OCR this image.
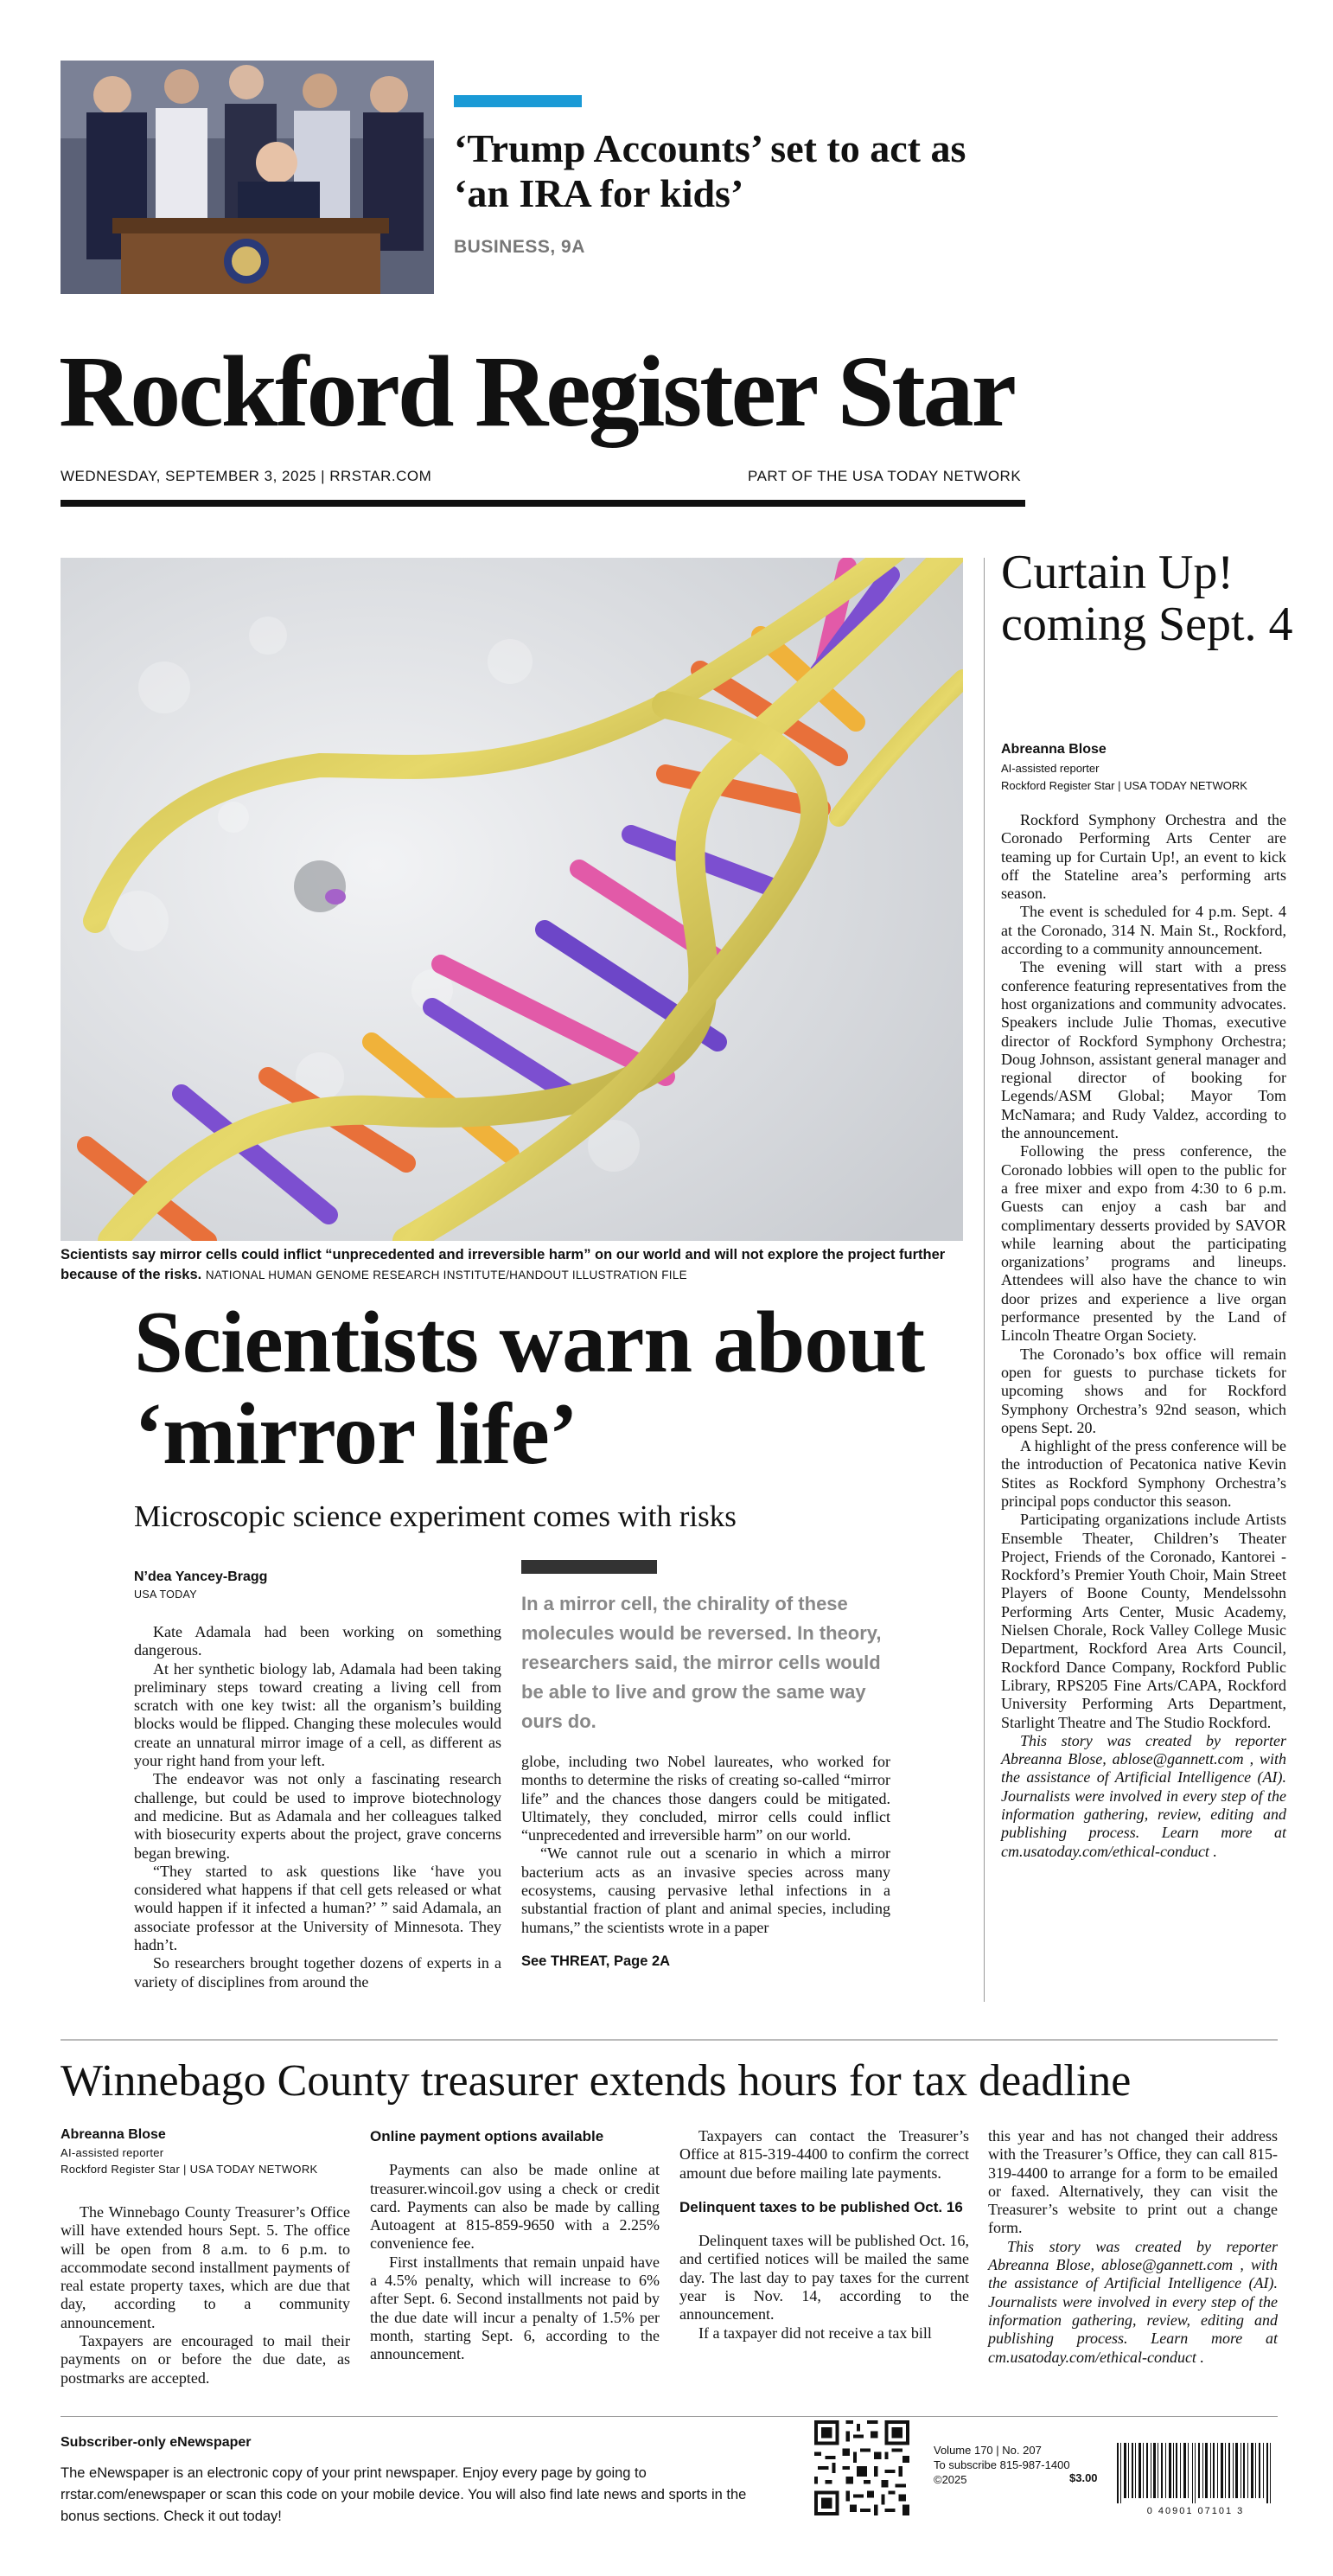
‘Trump Accounts’ set to act as ‘an IRA for kids’
BUSINESS, 9A
Rockford Register Star
WEDNESDAY, SEPTEMBER 3, 2025 | RRSTAR.COM	PART OF THE USA TODAY NETWORK
Scientists say mirror cells could inflict “unprecedented and irreversible harm” on our world and will not explore the project further because of the risks. NATIONAL HUMAN GENOME RESEARCH INSTITUTE/HANDOUT ILLUSTRATION FILE
Scientists warn about ‘mirror life’
Microscopic science experiment comes with risks
N’dea Yancey-Bragg
USA TODAY

Kate Adamala had been working on something dangerous.

At her synthetic biology lab, Adamala had been taking preliminary steps toward creating a living cell from scratch with one key twist: all the organism’s building blocks would be flipped. Changing these molecules would create an unnatural mirror image of a cell, as different as your right hand from your left.

The endeavor was not only a fascinating research challenge, but could be used to improve biotechnology and medicine. But as Adamala and her colleagues talked with biosecurity experts about the project, grave concerns began brewing.

“They started to ask questions like ‘have you considered what happens if that cell gets released or what would happen if it infected a human?’ ” said Adamala, an associate professor at the University of Minnesota. They hadn’t.

So researchers brought together dozens of experts in a variety of disciplines from around the

In a mirror cell, the chirality of these molecules would be reversed. In theory, researchers said, the mirror cells would be able to live and grow the same way ours do.

globe, including two Nobel laureates, who worked for months to determine the risks of creating so-called “mirror life” and the chances those dangers could be mitigated. Ultimately, they concluded, mirror cells could inflict “unprecedented and irreversible harm” on our world.

“We cannot rule out a scenario in which a mirror bacterium acts as an invasive species across many ecosystems, causing pervasive lethal infections in a substantial fraction of plant and animal species, including humans,” the scientists wrote in a paper

See THREAT, Page 2A
Curtain Up! coming Sept. 4
Abreanna Blose
AI-assisted reporter
Rockford Register Star | USA TODAY NETWORK

Rockford Symphony Orchestra and the Coronado Performing Arts Center are teaming up for Curtain Up!, an event to kick off the Stateline area’s performing arts season.

The event is scheduled for 4 p.m. Sept. 4 at the Coronado, 314 N. Main St., Rockford, according to a community announcement.

The evening will start with a press conference featuring representatives from the host organizations and community advocates. Speakers include Julie Thomas, executive director of Rockford Symphony Orchestra; Doug Johnson, assistant general manager and regional director of booking for Legends/ASM Global; Mayor Tom McNamara; and Rudy Valdez, according to the announcement.

Following the press conference, the Coronado lobbies will open to the public for a free mixer and expo from 4:30 to 6 p.m. Guests can enjoy a cash bar and complimentary desserts provided by SAVOR while learning about the participating organizations’ programs and lineups. Attendees will also have the chance to win door prizes and experience a live organ performance presented by the Land of Lincoln Theatre Organ Society.

The Coronado’s box office will remain open for guests to purchase tickets for upcoming shows and for Rockford Symphony Orchestra’s 92nd season, which opens Sept. 20.

A highlight of the press conference will be the introduction of Pecatonica native Kevin Stites as Rockford Symphony Orchestra’s principal pops conductor this season.

Participating organizations include Artists Ensemble Theater, Children’s Theater Project, Friends of the Coronado, Kantorei - Rockford’s Premier Youth Choir, Main Street Players of Boone County, Mendelssohn Performing Arts Center, Music Academy, Nielsen Chorale, Rock Valley College Music Department, Rockford Area Arts Council, Rockford Dance Company, Rockford Public Library, RPS205 Fine Arts/CAPA, Rockford University Performing Arts Department, Starlight Theatre and The Studio Rockford.

This story was created by reporter Abreanna Blose, ablose@gannett.com , with the assistance of Artificial Intelligence (AI). Journalists were involved in every step of the information gathering, review, editing and publishing process. Learn more at cm.usatoday.com/ethical-conduct .

Winnebago County treasurer extends hours for tax deadline
Abreanna Blose
AI-assisted reporter
Rockford Register Star | USA TODAY NETWORK

The Winnebago County Treasurer’s Office will have extended hours Sept. 5. The office will be open from 8 a.m. to 6 p.m. to accommodate second installment payments of real estate property taxes, which are due that day, according to a community announcement.

Taxpayers are encouraged to mail their payments on or before the due date, as postmarks are accepted.

Online payment options available

Payments can also be made online at treasurer.wincoil.gov using a check or credit card. Payments can also be made by calling Autoagent at 815-859-9650 with a 2.25% convenience fee.

First installments that remain unpaid have a 4.5% penalty, which will increase to 6% after Sept. 6. Second installments not paid by the due date will incur a penalty of 1.5% per month, starting Sept. 6, according to the announcement.

Taxpayers can contact the Treasurer’s Office at 815-319-4400 to confirm the correct amount due before mailing late payments.

Delinquent taxes to be published Oct. 16

Delinquent taxes will be published Oct. 16, and certified notices will be mailed the same day. The last day to pay taxes for the current year is Nov. 14, according to the announcement.

If a taxpayer did not receive a tax bill

this year and has not changed their address with the Treasurer’s Office, they can call 815-319-4400 to arrange for a form to be emailed or faxed. Alternatively, they can visit the Treasurer’s website to print out a change form.

This story was created by reporter Abreanna Blose, ablose@gannett.com , with the assistance of Artificial Intelligence (AI). Journalists were involved in every step of the information gathering, review, editing and publishing process. Learn more at cm.usatoday.com/ethical-conduct .

Subscriber-only eNewspaper
The eNewspaper is an electronic copy of your print newspaper. Enjoy every page by going to rrstar.com/enewspaper or scan this code on your mobile device. You will also find late news and sports in the bonus sections. Check it out today!
Volume 170 | No. 207
To subscribe 815-987-1400
©2025	$3.00
0 40901 07101 3
